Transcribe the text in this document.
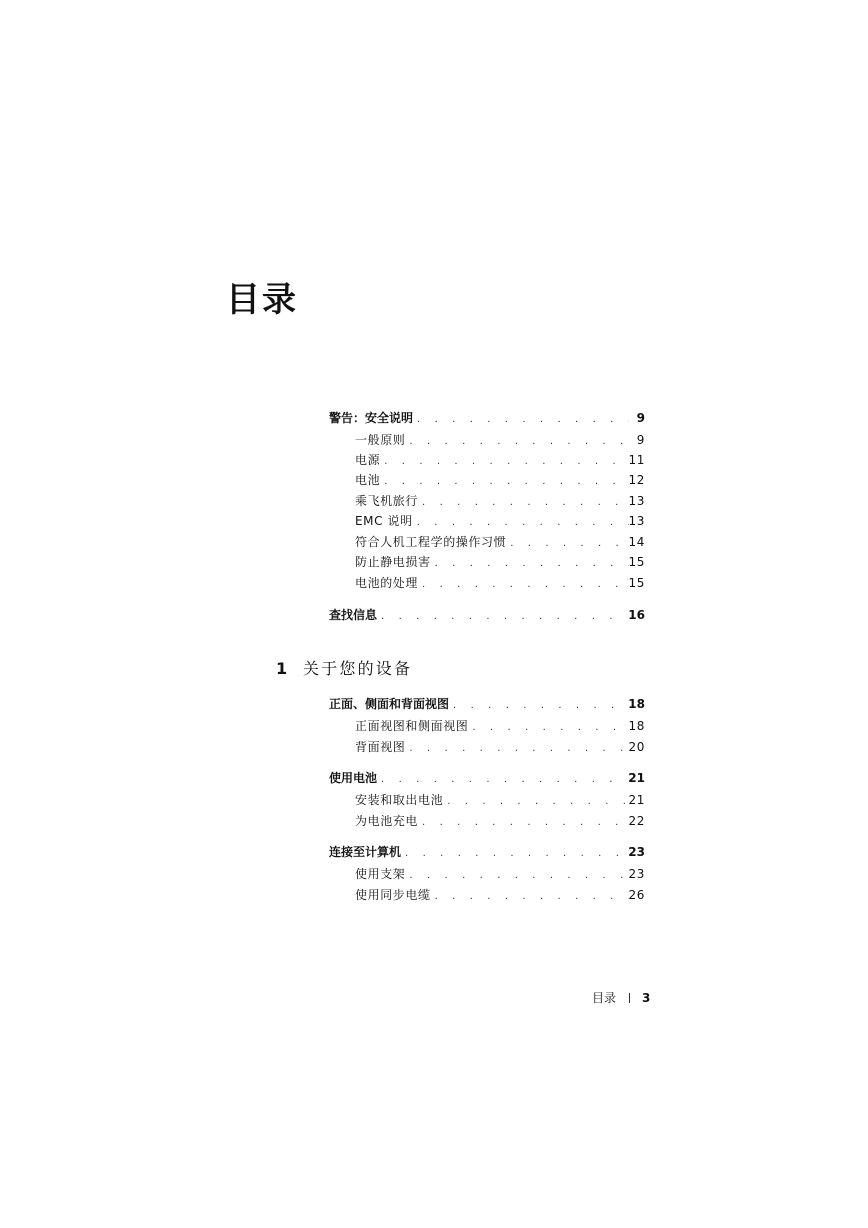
目录
警告：安全说明 . . .	9
一般原则 . . .	9
电源 . . .	11
电池 . . .	12
乘飞机旅行 . . .	13
EMC 说明 . . .	13
符合人机工程学的操作习惯 . . .	14
防止静电损害 . . .	15
电池的处理 . . .	15
查找信息 . . .	16
1 关于您的设备
正面、侧面和背面视图 . . .	18
正面视图和侧面视图 . . .	18
背面视图 . . .	20
使用电池 . . .	21
安装和取出电池 . . .	21
为电池充电 . . .	22
连接至计算机 . . .	23
使用支架 . . .	23
使用同步电缆 . . .	26
目录 3
